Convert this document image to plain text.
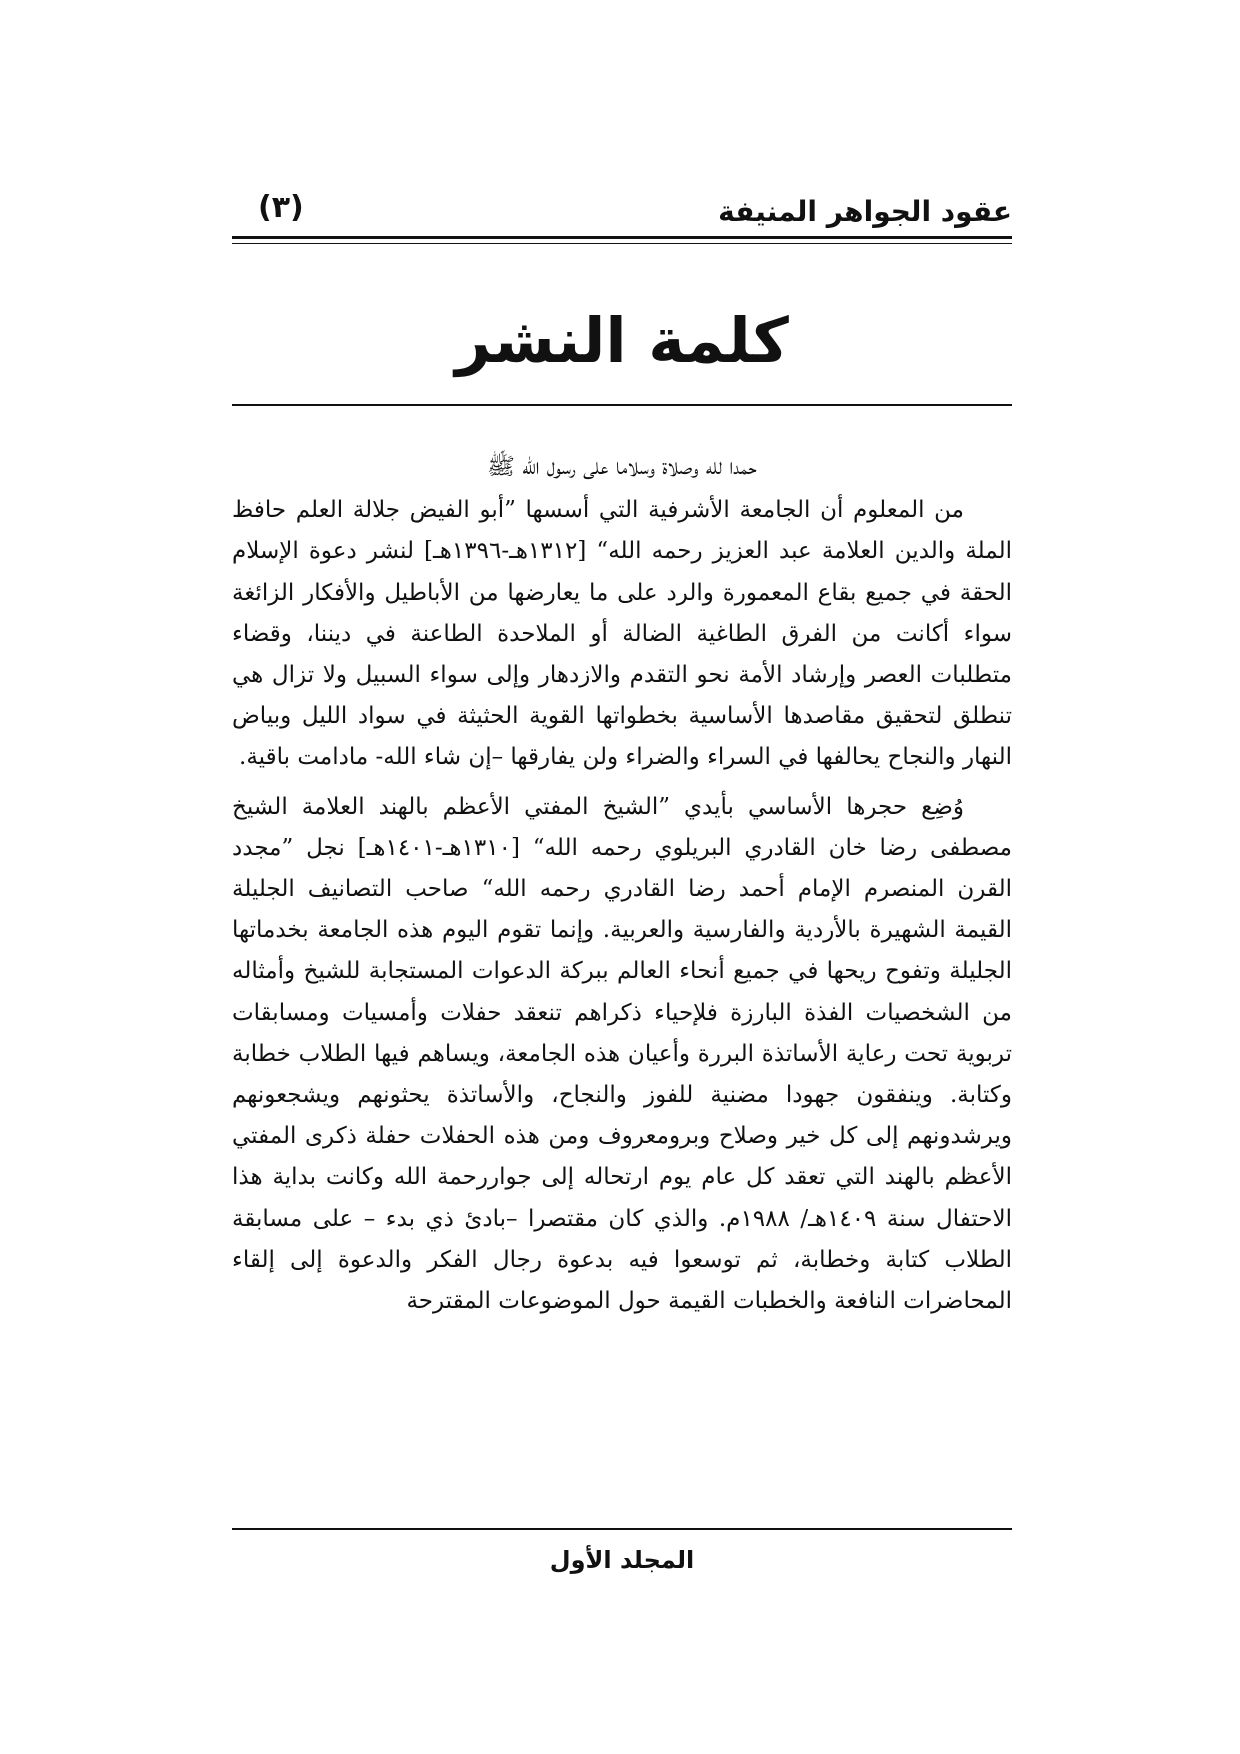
عقود الجواهر المنيفة

(٣)

كلمة النشر

حمدا لله وصلاة وسلاما على رسول الله ﷺ

من المعلوم أن الجامعة الأشرفية التي أسسها ”أبو الفيض جلالة العلم حافظ الملة والدين العلامة عبد العزيز رحمه الله“ [١٣١٢هـ-١٣٩٦هـ] لنشر دعوة الإسلام الحقة في جميع بقاع المعمورة والرد على ما يعارضها من الأباطيل والأفكار الزائغة سواء أكانت من الفرق الطاغية الضالة أو الملاحدة الطاعنة في ديننا، وقضاء متطلبات العصر وإرشاد الأمة نحو التقدم والازدهار وإلى سواء السبيل ولا تزال هي تنطلق لتحقيق مقاصدها الأساسية بخطواتها القوية الحثيثة في سواد الليل وبياض النهار والنجاح يحالفها في السراء والضراء ولن يفارقها –إن شاء الله- مادامت باقية.

وُضِع حجرها الأساسي بأيدي ”الشيخ المفتي الأعظم بالهند العلامة الشيخ مصطفى رضا خان القادري البريلوي رحمه الله“ [١٣١٠هـ-١٤٠١هـ] نجل ”مجدد القرن المنصرم الإمام أحمد رضا القادري رحمه الله“ صاحب التصانيف الجليلة القيمة الشهيرة بالأردية والفارسية والعربية. وإنما تقوم اليوم هذه الجامعة بخدماتها الجليلة وتفوح ريحها في جميع أنحاء العالم ببركة الدعوات المستجابة للشيخ وأمثاله من الشخصيات الفذة البارزة فلإحياء ذكراهم تنعقد حفلات وأمسيات ومسابقات تربوية تحت رعاية الأساتذة البررة وأعيان هذه الجامعة، ويساهم فيها الطلاب خطابة وكتابة. وينفقون جهودا مضنية للفوز والنجاح، والأساتذة يحثونهم ويشجعونهم ويرشدونهم إلى كل خير وصلاح وبرومعروف ومن هذه الحفلات حفلة ذكرى المفتي الأعظم بالهند التي تعقد كل عام يوم ارتحاله إلى جواررحمة الله وكانت بداية هذا الاحتفال سنة ١٤٠٩هـ/ ١٩٨٨م. والذي كان مقتصرا –بادئ ذي بدء – على مسابقة الطلاب كتابة وخطابة، ثم توسعوا فيه بدعوة رجال الفكر والدعوة إلى إلقاء المحاضرات النافعة والخطبات القيمة حول الموضوعات المقترحة

المجلد الأول
